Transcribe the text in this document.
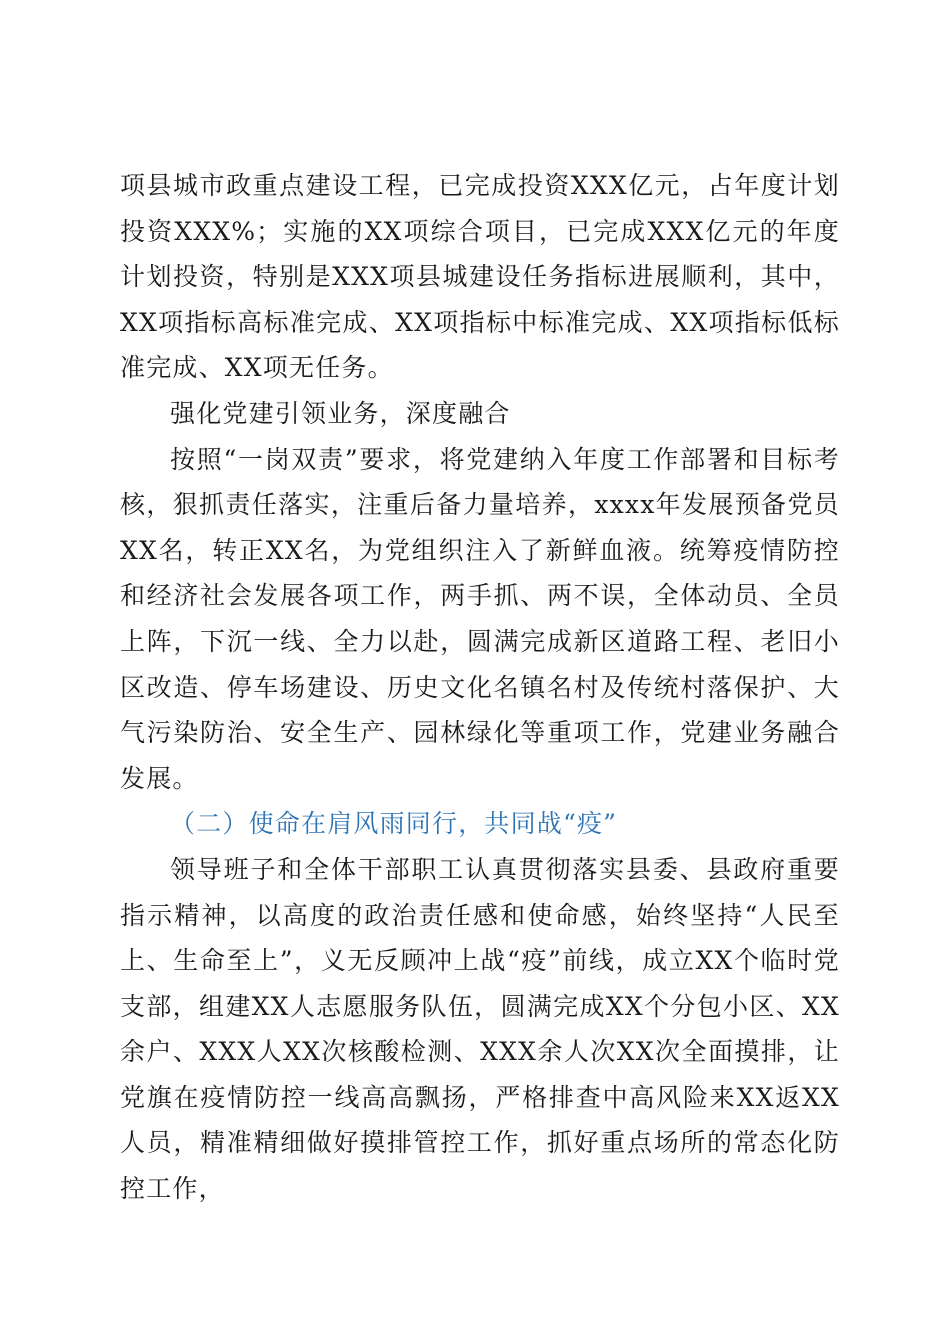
项县城市政重点建设工程，已完成投资XXX亿元，占年度计划投资XXX%；实施的XX项综合项目，已完成XXX亿元的年度计划投资，特别是XXX项县城建设任务指标进展顺利，其中，XX项指标高标准完成、XX项指标中标准完成、XX项指标低标准完成、XX项无任务。

强化党建引领业务，深度融合

按照“一岗双责”要求，将党建纳入年度工作部署和目标考核，狠抓责任落实，注重后备力量培养，xxxx年发展预备党员XX名，转正XX名，为党组织注入了新鲜血液。统筹疫情防控和经济社会发展各项工作，两手抓、两不误，全体动员、全员上阵，下沉一线、全力以赴，圆满完成新区道路工程、老旧小区改造、停车场建设、历史文化名镇名村及传统村落保护、大气污染防治、安全生产、园林绿化等重项工作，党建业务融合发展。

（二）使命在肩风雨同行，共同战“疫”

领导班子和全体干部职工认真贯彻落实县委、县政府重要指示精神，以高度的政治责任感和使命感，始终坚持“人民至上、生命至上”，义无反顾冲上战“疫”前线，成立XX个临时党支部，组建XX人志愿服务队伍，圆满完成XX个分包小区、XX余户、XXX人XX次核酸检测、XXX余人次XX次全面摸排，让党旗在疫情防控一线高高飘扬，严格排查中高风险来XX返XX人员，精准精细做好摸排管控工作，抓好重点场所的常态化防控工作，
